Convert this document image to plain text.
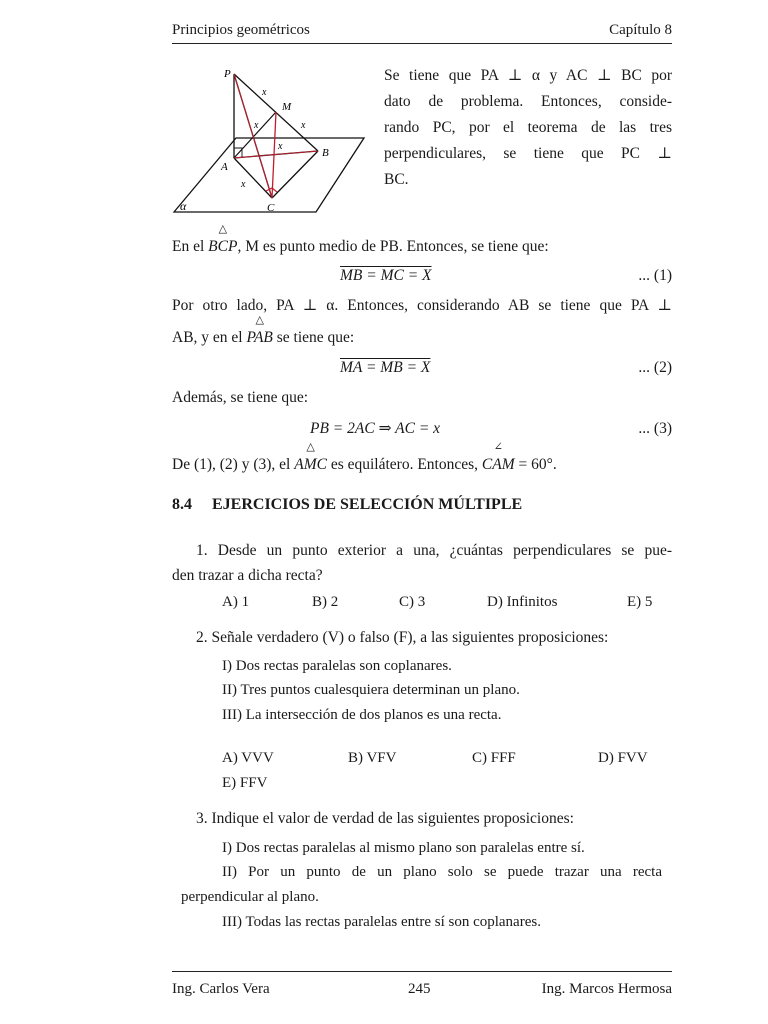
Principios geométricos	Capítulo 8
P
M
A
B
C
x
x	x
x
x
α
Se tiene que PA ⊥ α y AC ⊥ BC por
dato de problema. Entonces, conside-
rando PC, por el teorema de las tres
perpendiculares, se tiene que PC ⊥
BC.
En el △ BCP, M es punto medio de PB. Entonces, se tiene que:
MB = MC = X	... (1)
Por otro lado, PA ⊥ α. Entonces, considerando AB se tiene que PA ⊥
AB, y en el △ PAB se tiene que:
MA = MB = X	... (2)
Además, se tiene que:
PB = 2AC ⇒ AC = x	... (3)
De (1), (2) y (3), el △ AMC es equilátero. Entonces, ∠ CAM = 60°.
8.4 EJERCICIOS DE SELECCIÓN MÚLTIPLE
1. Desde un punto exterior a una, ¿cuántas perpendiculares se pue-
den trazar a dicha recta?
A) 1	B) 2	C) 3	D) Infinitos	E) 5
2. Señale verdadero (V) o falso (F), a las siguientes proposiciones:
I) Dos rectas paralelas son coplanares.
II) Tres puntos cualesquiera determinan un plano.
III) La intersección de dos planos es una recta.
A) VVV	B) VFV	C) FFF	D) FVV
E) FFV
3. Indique el valor de verdad de las siguientes proposiciones:
I) Dos rectas paralelas al mismo plano son paralelas entre sí.
II) Por un punto de un plano solo se puede trazar una recta
perpendicular al plano.
III) Todas las rectas paralelas entre sí son coplanares.
Ing. Carlos Vera	245	Ing. Marcos Hermosa
